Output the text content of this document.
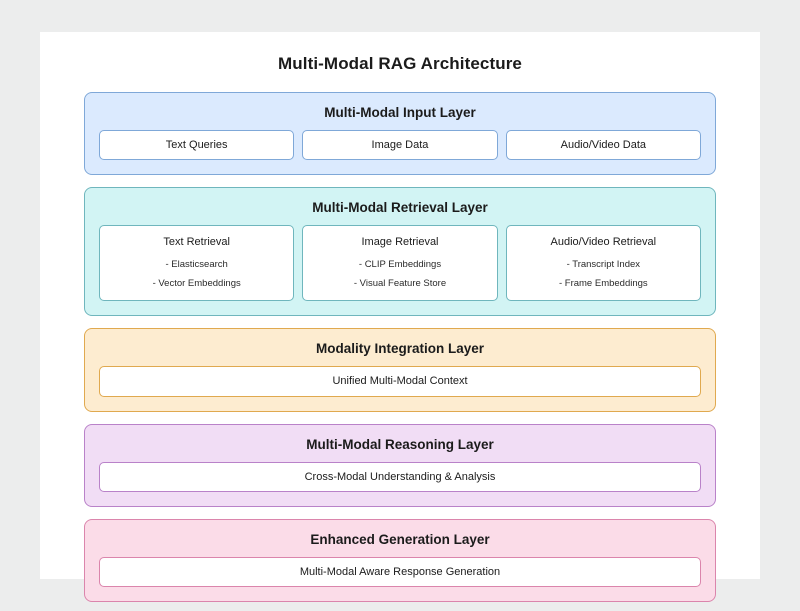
Multi-Modal RAG Architecture
Multi-Modal Input Layer
Text Queries	Image Data	Audio/Video Data
Multi-Modal Retrieval Layer
Text Retrieval
- Elasticsearch
- Vector Embeddings
Image Retrieval
- CLIP Embeddings
- Visual Feature Store
Audio/Video Retrieval
- Transcript Index
- Frame Embeddings
Modality Integration Layer
Unified Multi-Modal Context
Multi-Modal Reasoning Layer
Cross-Modal Understanding & Analysis
Enhanced Generation Layer
Multi-Modal Aware Response Generation
